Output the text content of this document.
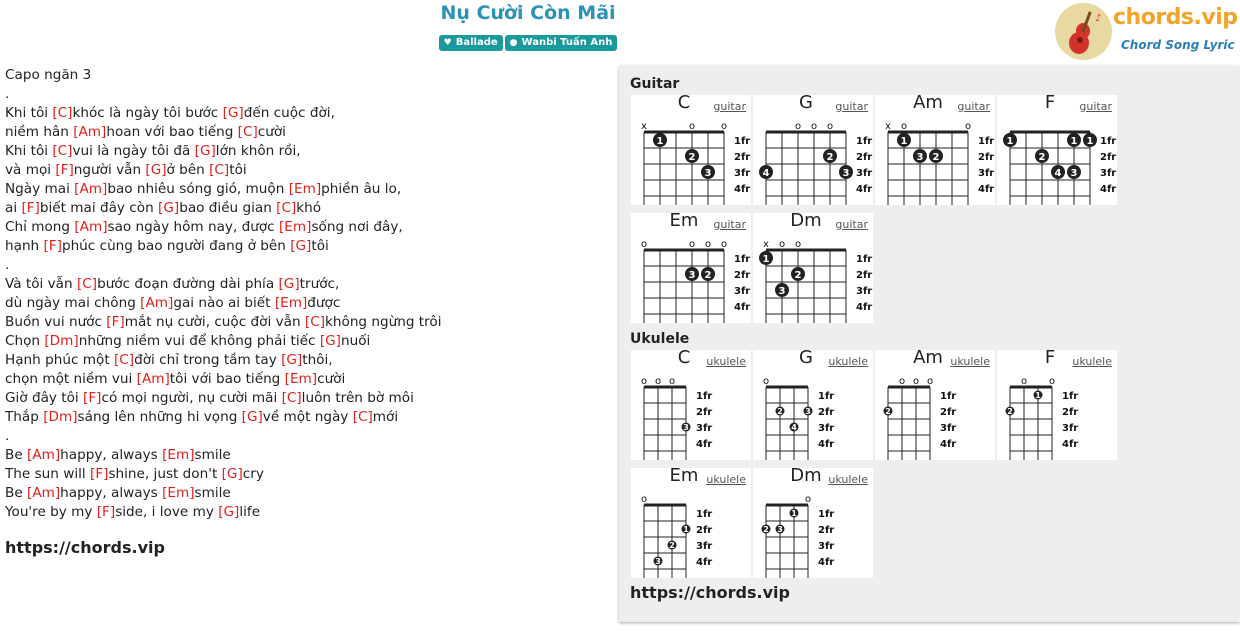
Nụ Cười Còn Mãi
♥ Ballade ● Wanbi Tuấn Anh
♪ chords.vip
Chord Song Lyric
Capo ngăn 3
.
Khi tôi [C]khóc là ngày tôi bước [G]đến cuộc đời,
niềm hân [Am]hoan với bao tiếng [C]cười
Khi tôi [C]vui là ngày tôi đã [G]lớn khôn rồi,
và mọi [F]người vẫn [G]ở bên [C]tôi
Ngày mai [Am]bao nhiêu sóng gió, muộn [Em]phiền âu lo,
ai [F]biết mai đây còn [G]bao điều gian [C]khó
Chỉ mong [Am]sao ngày hôm nay, được [Em]sống nơi đây,
hạnh [F]phúc cùng bao người đang ở bên [G]tôi
.
Và tôi vẫn [C]bước đoạn đường dài phía [G]trước,
dù ngày mai chông [Am]gai nào ai biết [Em]được
Buồn vui nước [F]mắt nụ cười, cuộc đời vẫn [C]không ngừng trôi
Chọn [Dm]những niềm vui để không phải tiếc [G]nuối
Hạnh phúc một [C]đời chỉ trong tầm tay [G]thôi,
chọn một niềm vui [Am]tôi với bao tiếng [Em]cười
Giờ đây tôi [F]có mọi người, nụ cười mãi [C]luôn trên bờ môi
Thắp [Dm]sáng lên những hi vọng [G]về một ngày [C]mới
.
Be [Am]happy, always [Em]smile
The sun will [F]shine, just don't [G]cry
Be [Am]happy, always [Em]smile
You're by my [F]side, i love my [G]life
https://chords.vip
Guitar
Ukulele
x	o	o
1fr
2fr
3fr
4fr
3
2
1
C	guitar
o o o
1fr
2fr
3fr
4fr
3
2
4
G	guitar
x o	o
1fr
2fr
3fr
4fr
2
3
1
Am	guitar
1fr
2fr
3fr
4fr
1	1 1
3
4
2
F	guitar
o	o o o
1fr
2fr
3fr
4fr
2
3
Em	guitar
x o o
1fr
2fr
3fr
4fr
2
3
1
Dm	guitar
o o o
1fr
2fr
3fr
4fr
3
C	ukulele
o
1fr
2fr
3fr
4fr
2
4
3
G	ukulele
o o o
1fr
2fr
3fr
4fr
2
Am ukulele
o o
1fr
2fr
3fr
4fr
2
1
F	ukulele
o
1fr
2fr
3fr
4fr
3
2
1
Em ukulele
o
1fr
2fr
3fr
4fr
2 3
1
Dm ukulele
https://chords.vip
